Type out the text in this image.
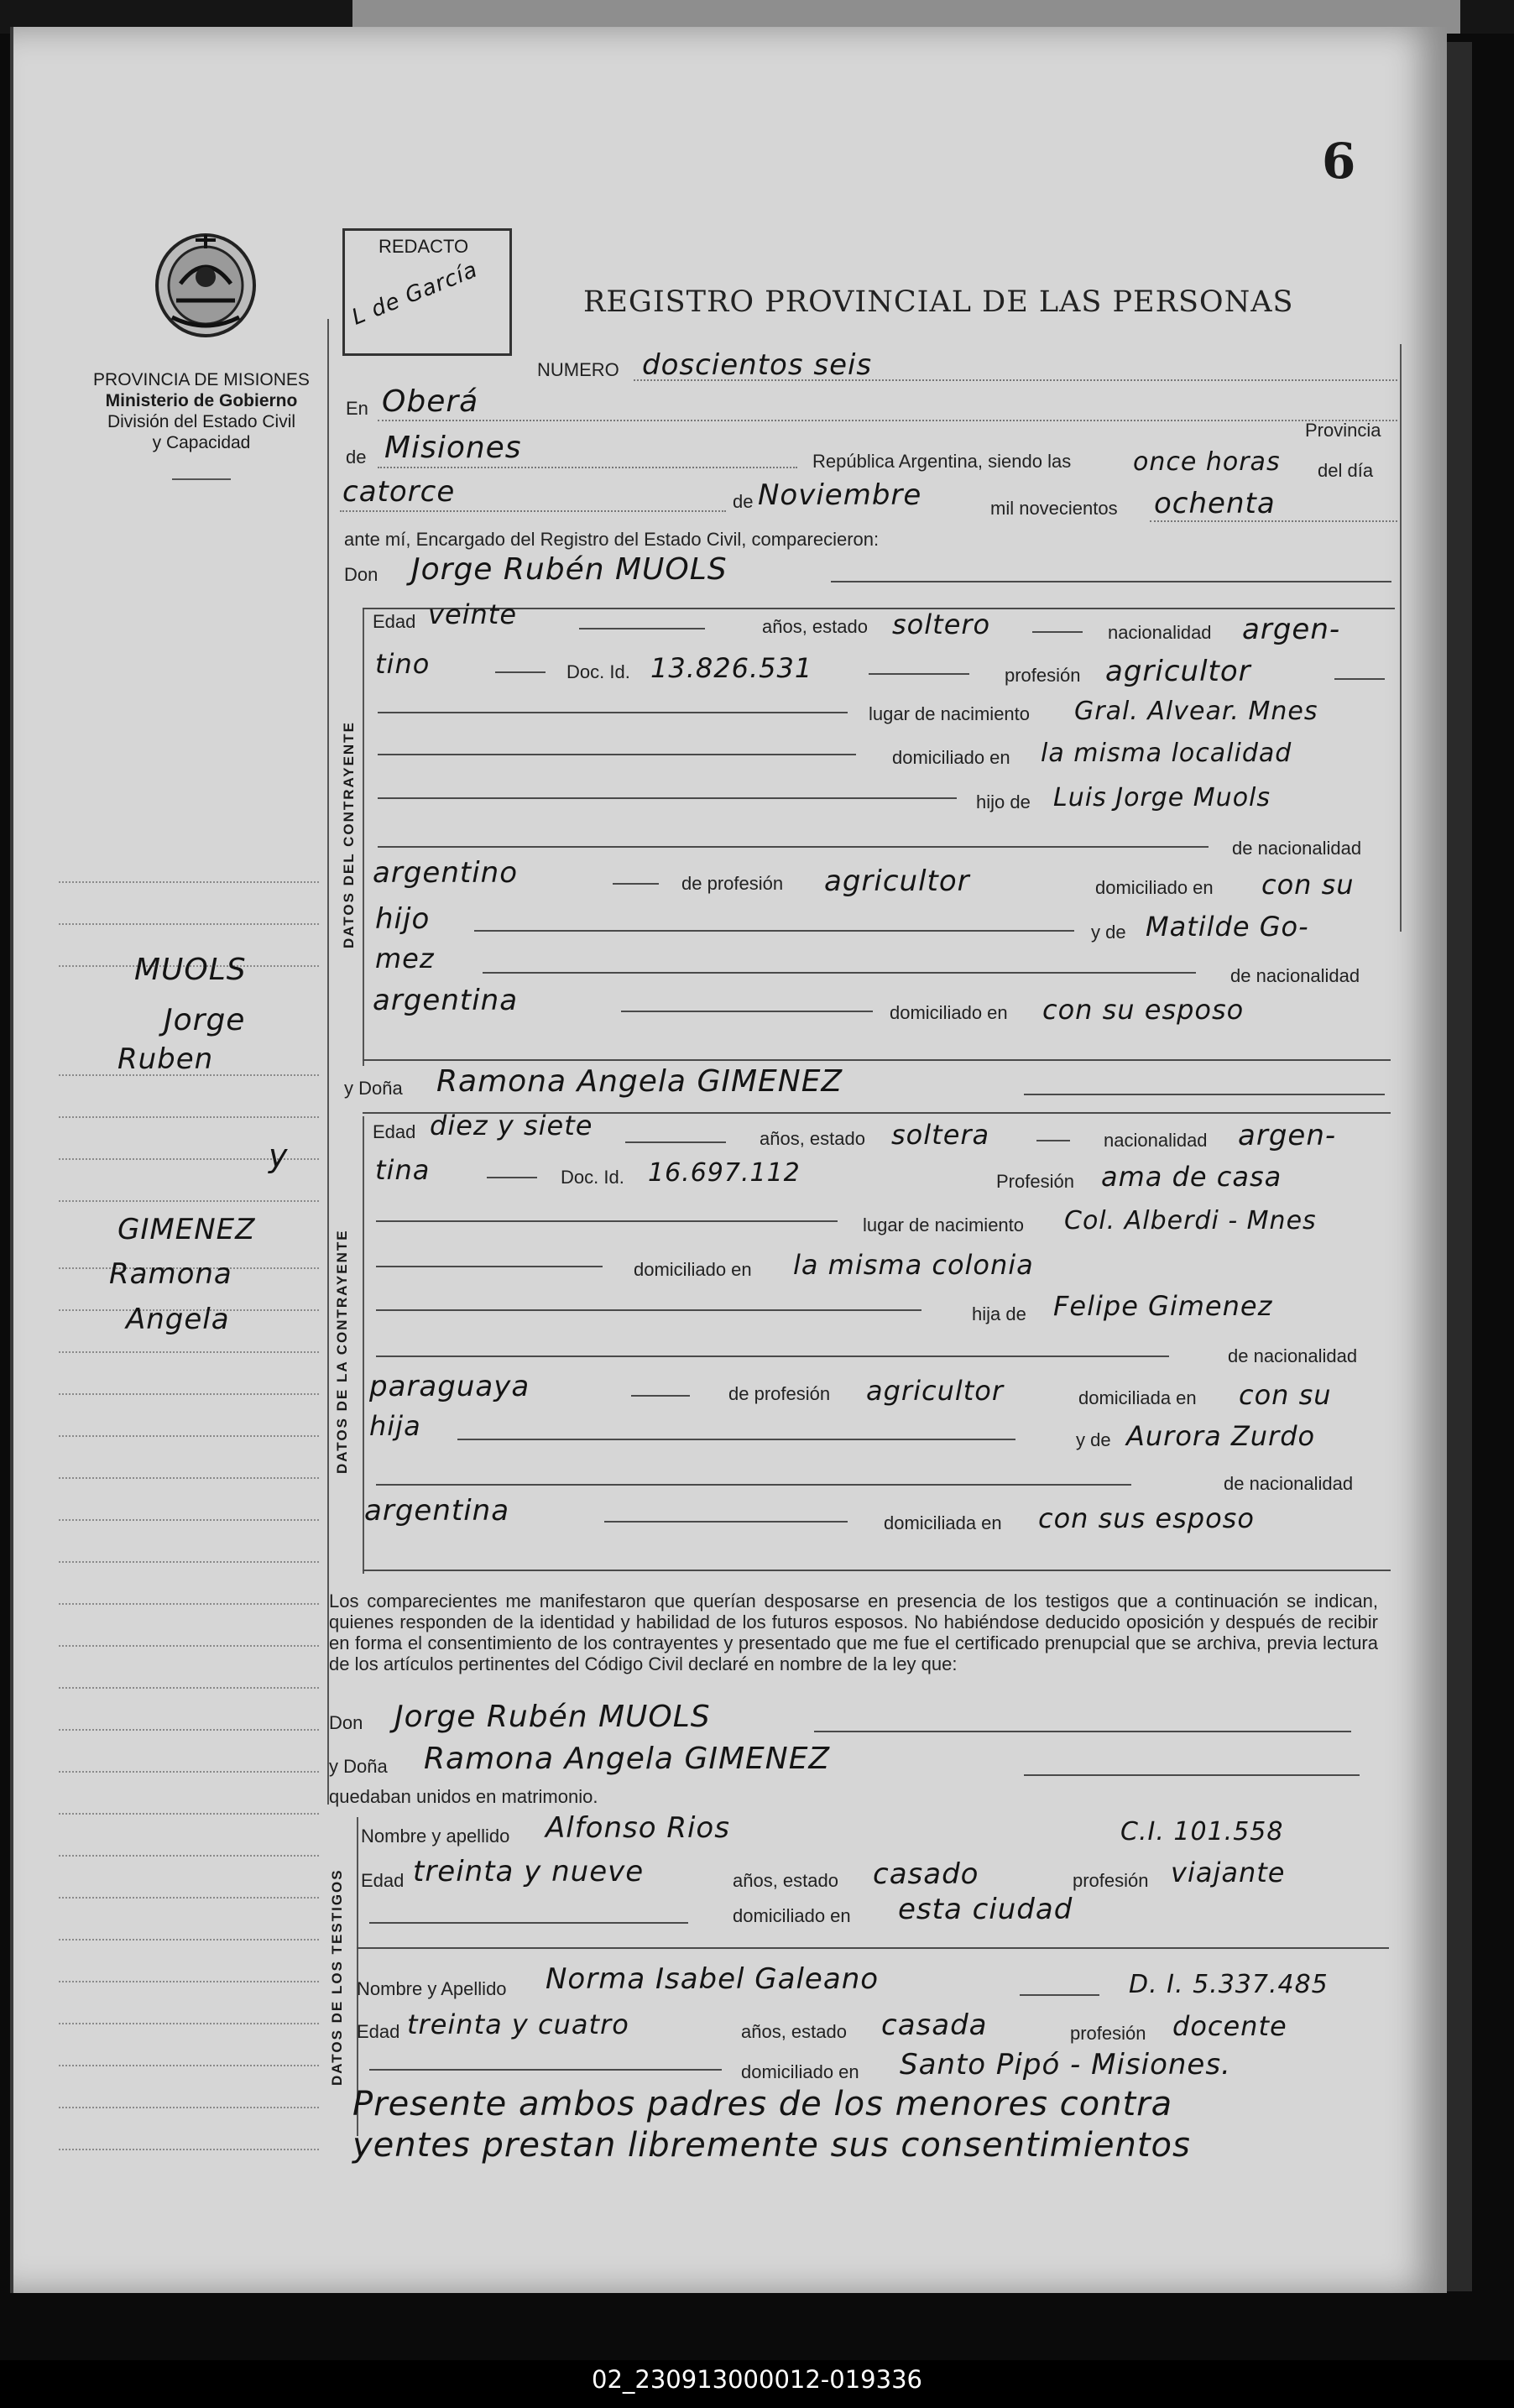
6
PROVINCIA DE MISIONES
Ministerio de Gobierno
División del Estado Civil
y Capacidad
REDACTO
L de García	REGISTRO PROVINCIAL DE LAS PERSONAS
MUOLS
Jorge
Ruben
y
GIMENEZ
Ramona
Angela
NUMERO doscientos seis
En Oberá
Provincia
de Misiones	República Argentina, siendo las once horas del día
catorce	de Noviembre	mil novecientos ochenta
ante mí, Encargado del Registro del Estado Civil, comparecieron:
Don Jorge Rubén MUOLS
DATOS DEL CONTRAYENTE
Edad veinte	años, estado soltero	nacionalidad argen-
tino	Doc. Id. 13.826.531	profesión agricultor
lugar de nacimiento Gral. Alvear. Mnes
domiciliado en la misma localidad
hijo de Luis Jorge Muols
de nacionalidad
argentino	de profesión agricultor	domiciliado en con su
hijo	y de Matilde Go-
mez
de nacionalidad
argentina	domiciliado en con su esposo
y Doña Ramona Angela GIMENEZ
DATOS DE LA CONTRAYENTE
Edad diez y siete	años, estado soltera	nacionalidad argen-
tina	Doc. Id. 16.697.112	Profesión ama de casa
lugar de nacimiento Col. Alberdi - Mnes
domiciliado en la misma colonia
hija de Felipe Gimenez
de nacionalidad
paraguaya	de profesión agricultor	domiciliada en con su
hija	y de Aurora Zurdo
de nacionalidad
argentina	domiciliada en con sus esposo
Los comparecientes me manifestaron que querían desposarse en presencia de los testigos que a continuación se indican, quienes responden de la identidad y habilidad de los futuros esposos. No habiéndose deducido oposición y después de recibir en forma el consentimiento de los contrayentes y presentado que me fue el certificado prenupcial que se archiva, previa lectura de los artículos pertinentes del Código Civil declaré en nombre de la ley que:
Don Jorge Rubén MUOLS
y Doña Ramona Angela GIMENEZ
quedaban unidos en matrimonio.
DATOS DE LOS TESTIGOS
Nombre y apellido Alfonso Rios	C.I. 101.558
Edad treinta y nueve	años, estado casado	profesión viajante
domiciliado en esta ciudad
Nombre y Apellido Norma Isabel Galeano	D. I. 5.337.485
Edad treinta y cuatro	años, estado casada	profesión docente
domiciliado en Santo Pipó - Misiones.
Presente ambos padres de los menores contra
yentes prestan libremente sus consentimientos
02_230913000012-019336
